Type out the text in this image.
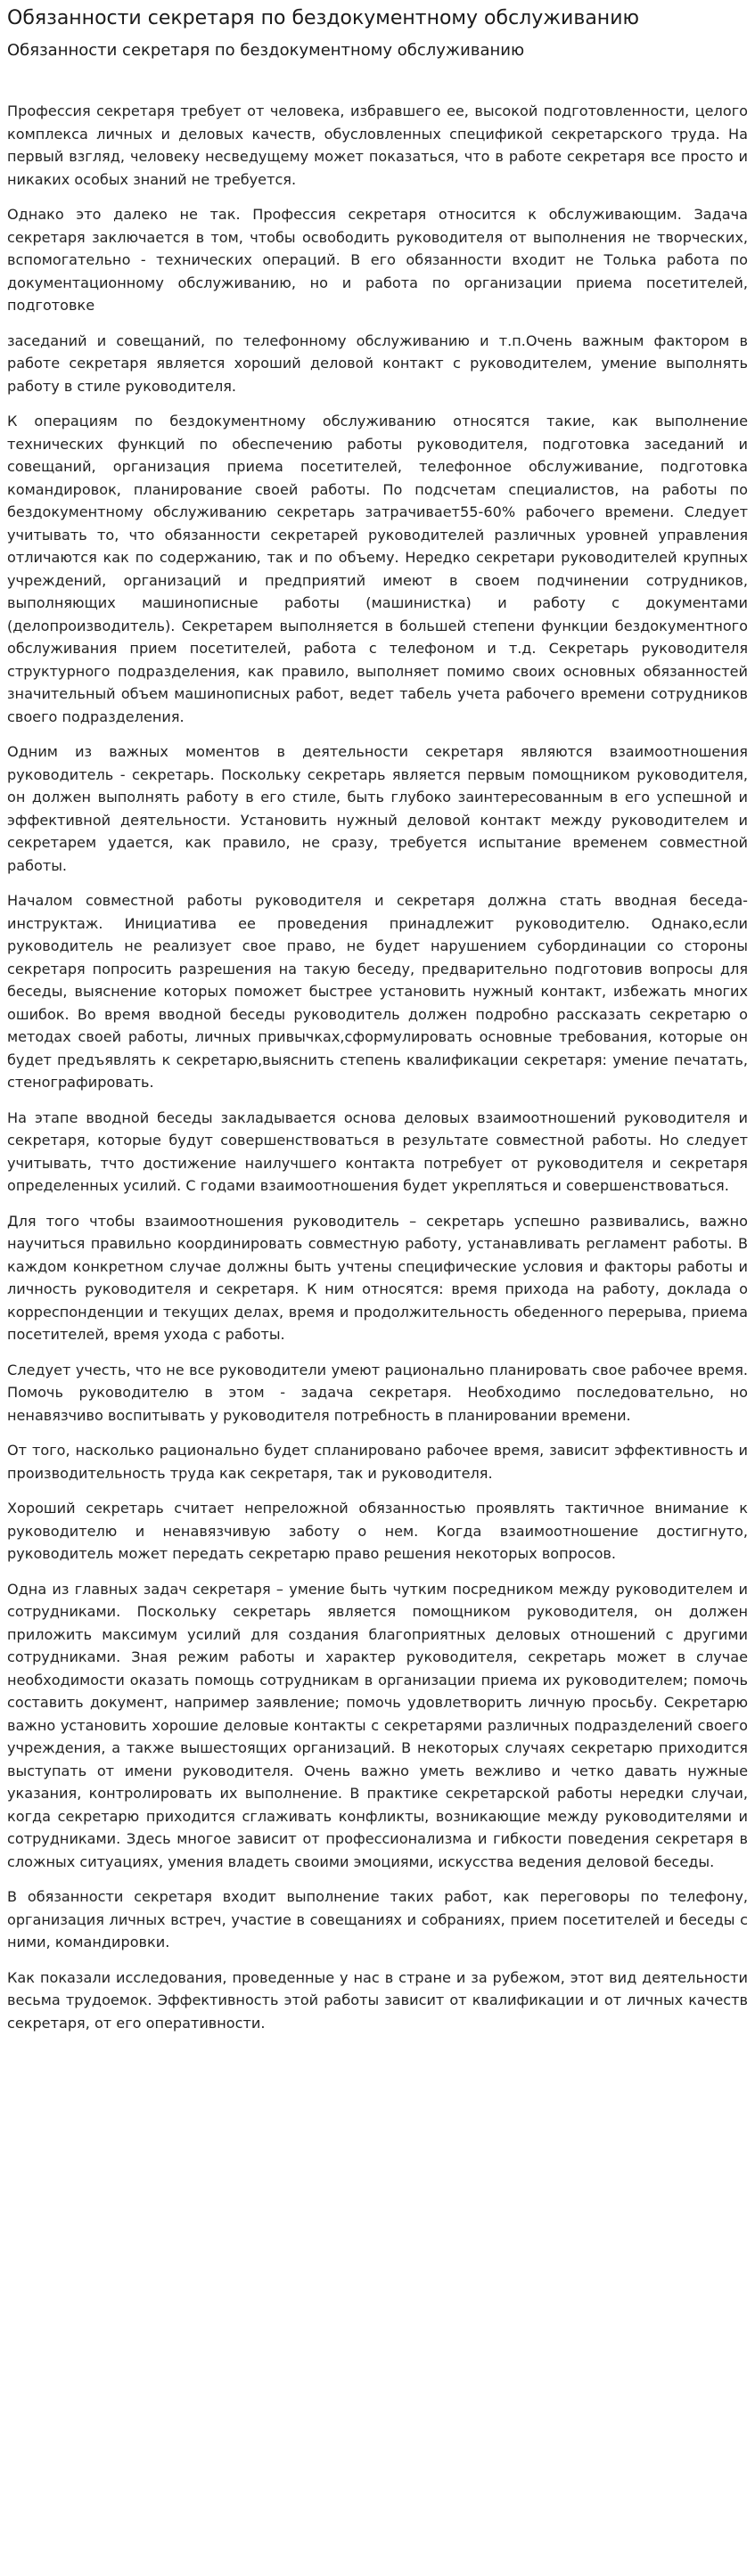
Обязанности секретаря по бездокументному обслуживанию
Обязанности секретаря по бездокументному обслуживанию

Профессия секретаря требует от человека, избравшего ее, высокой подготовленности, целого комплекса личных и деловых качеств, обусловленных спецификой секретарского труда. На первый взгляд, человеку несведущему может показаться, что в работе секретаря все просто и никаких особых знаний не требуется.

Однако это далеко не так. Профессия секретаря относится к обслуживающим. Задача секретаря заключается в том, чтобы освободить руководителя от выполнения не творческих, вспомогательно - технических операций. В его обязанности входит не Толька работа по документационному обслуживанию, но и работа по организации приема посетителей, подготовке

заседаний и совещаний, по телефонному обслуживанию и т.п.Очень важным фактором в работе секретаря является хороший деловой контакт с руководителем, умение выполнять работу в стиле руководителя.

К операциям по бездокументному обслуживанию относятся такие, как выполнение технических функций по обеспечению работы руководителя, подготовка заседаний и совещаний, организация приема посетителей, телефонное обслуживание, подготовка командировок, планирование своей работы. По подсчетам специалистов, на работы по бездокументному обслуживанию секретарь затрачивает55-60% рабочего времени. Следует учитывать то, что обязанности секретарей руководителей различных уровней управления отличаются как по содержанию, так и по объему. Нередко секретари руководителей крупных учреждений, организаций и предприятий имеют в своем подчинении сотрудников, выполняющих машинописные работы (машинистка) и работу с документами (делопроизводитель). Секретарем выполняется в большей степени функции бездокументного обслуживания прием посетителей, работа с телефоном и т.д. Секретарь руководителя структурного подразделения, как правило, выполняет помимо своих основных обязанностей значительный объем машинописных работ, ведет табель учета рабочего времени сотрудников своего подразделения.

Одним из важных моментов в деятельности секретаря являются взаимоотношения руководитель - секретарь. Поскольку секретарь является первым помощником руководителя, он должен выполнять работу в его стиле, быть глубоко заинтересованным в его успешной и эффективной деятельности. Установить нужный деловой контакт между руководителем и секретарем удается, как правило, не сразу, требуется испытание временем совместной работы.

Началом совместной работы руководителя и секретаря должна стать вводная беседа-инструктаж. Инициатива ее проведения принадлежит руководителю. Однако,если руководитель не реализует свое право, не будет нарушением субординации со стороны секретаря попросить разрешения на такую беседу, предварительно подготовив вопросы для беседы, выяснение которых поможет быстрее установить нужный контакт, избежать многих ошибок. Во время вводной беседы руководитель должен подробно рассказать секретарю о методах своей работы, личных привычках,сформулировать основные требования, которые он будет предъявлять к секретарю,выяснить степень квалификации секретаря: умение печатать, стенографировать.

На этапе вводной беседы закладывается основа деловых взаимоотношений руководителя и секретаря, которые будут совершенствоваться в результате совместной работы. Но следует учитывать, тчто достижение наилучшего контакта потребует от руководителя и секретаря определенных усилий. С годами взаимоотношения будет укрепляться и совершенствоваться.

Для того чтобы взаимоотношения руководитель – секретарь успешно развивались, важно научиться правильно координировать совместную работу, устанавливать регламент работы. В каждом конкретном случае должны быть учтены специфические условия и факторы работы и личность руководителя и секретаря. К ним относятся: время прихода на работу, доклада о корреспонденции и текущих делах, время и продолжительность обеденного перерыва, приема посетителей, время ухода с работы.

Следует учесть, что не все руководители умеют рационально планировать свое рабочее время. Помочь руководителю в этом - задача секретаря. Необходимо последовательно, но ненавязчиво воспитывать у руководителя потребность в планировании времени.

От того, насколько рационально будет спланировано рабочее время, зависит эффективность и производительность труда как секретаря, так и руководителя.

Хороший секретарь считает непреложной обязанностью проявлять тактичное внимание к руководителю и ненавязчивую заботу о нем. Когда взаимоотношение достигнуто, руководитель может передать секретарю право решения некоторых вопросов.

Одна из главных задач секретаря – умение быть чутким посредником между руководителем и сотрудниками. Поскольку секретарь является помощником руководителя, он должен приложить максимум усилий для создания благоприятных деловых отношений с другими сотрудниками. Зная режим работы и характер руководителя, секретарь может в случае необходимости оказать помощь сотрудникам в организации приема их руководителем; помочь составить документ, например заявление; помочь удовлетворить личную просьбу. Секретарю важно установить хорошие деловые контакты с секретарями различных подразделений своего учреждения, а также вышестоящих организаций. В некоторых случаях секретарю приходится выступать от имени руководителя. Очень важно уметь вежливо и четко давать нужные указания, контролировать их выполнение. В практике секретарской работы нередки случаи, когда секретарю приходится сглаживать конфликты, возникающие между руководителями и сотрудниками. Здесь многое зависит от профессионализма и гибкости поведения секретаря в сложных ситуациях, умения владеть своими эмоциями, искусства ведения деловой беседы.

В обязанности секретаря входит выполнение таких работ, как переговоры по телефону, организация личных встреч, участие в совещаниях и собраниях, прием посетителей и беседы с ними, командировки.

Как показали исследования, проведенные у нас в стране и за рубежом, этот вид деятельности весьма трудоемок. Эффективность этой работы зависит от квалификации и от личных качеств секретаря, от его оперативности.
